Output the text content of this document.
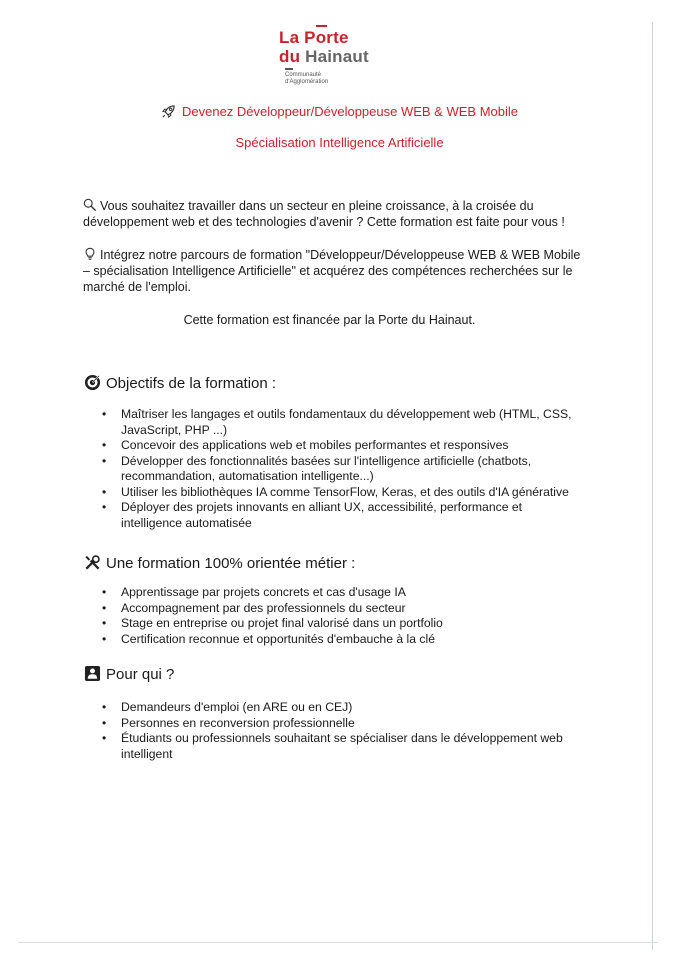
La Porte
du Hainaut
Communauté
d'Agglomération
Devenez Développeur/Développeuse WEB & WEB Mobile
Spécialisation Intelligence Artificielle

Vous souhaitez travailler dans un secteur en pleine croissance, à la croisée du développement web et des technologies d'avenir ? Cette formation est faite pour vous !

Intégrez notre parcours de formation "Développeur/Développeuse WEB & WEB Mobile – spécialisation Intelligence Artificielle" et acquérez des compétences recherchées sur le marché de l'emploi.

Cette formation est financée par la Porte du Hainaut.

Objectifs de la formation :
• Maîtriser les langages et outils fondamentaux du développement web (HTML, CSS, JavaScript, PHP ...)
• Concevoir des applications web et mobiles performantes et responsives
• Développer des fonctionnalités basées sur l'intelligence artificielle (chatbots, recommandation, automatisation intelligente...)
• Utiliser les bibliothèques IA comme TensorFlow, Keras, et des outils d'IA générative
• Déployer des projets innovants en alliant UX, accessibilité, performance et intelligence automatisée
Une formation 100% orientée métier :
• Apprentissage par projets concrets et cas d'usage IA
• Accompagnement par des professionnels du secteur
• Stage en entreprise ou projet final valorisé dans un portfolio
• Certification reconnue et opportunités d'embauche à la clé
Pour qui ?
• Demandeurs d'emploi (en ARE ou en CEJ)
• Personnes en reconversion professionnelle
• Étudiants ou professionnels souhaitant se spécialiser dans le développement web intelligent
